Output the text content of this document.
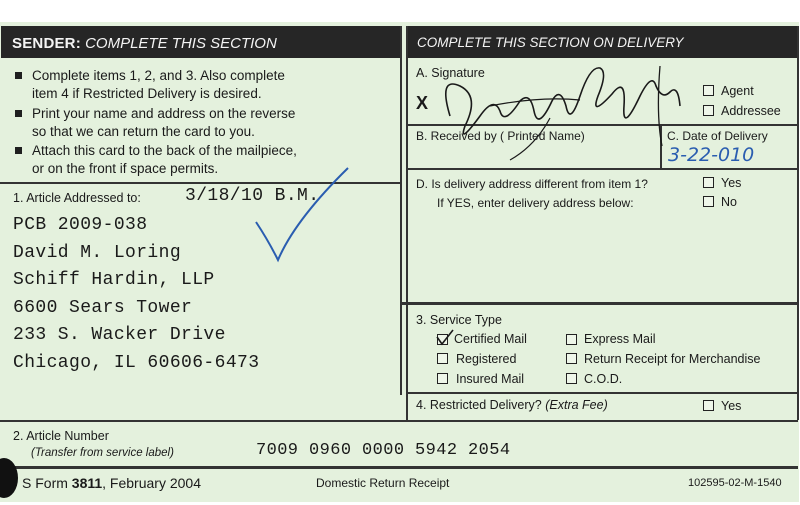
SENDER: COMPLETE THIS SECTION	COMPLETE THIS SECTION ON DELIVERY
Complete items 1, 2, and 3. Also complete
item 4 if Restricted Delivery is desired.
Print your name and address on the reverse
so that we can return the card to you.
Attach this card to the back of the mailpiece,
or on the front if space permits.
1. Article Addressed to: 3/18/10 B.M.
PCB 2009-038
David M. Loring
Schiff Hardin, LLP
6600 Sears Tower
233 S. Wacker Drive
Chicago, IL 60606-6473
A. Signature
X
Agent
Addressee
B. Received by ( Printed Name)	C. Date of Delivery
3-22-010
D. Is delivery address different from item 1?
If YES, enter delivery address below:
Yes
No
3. Service Type
Certified Mail	Express Mail
Registered	Return Receipt for Merchandise
Insured Mail	C.O.D.
4. Restricted Delivery? (Extra Fee)	Yes
2. Article Number
(Transfer from service label)	7009 0960 0000 5942 2054
S Form 3811, February 2004	Domestic Return Receipt	102595-02-M-1540
